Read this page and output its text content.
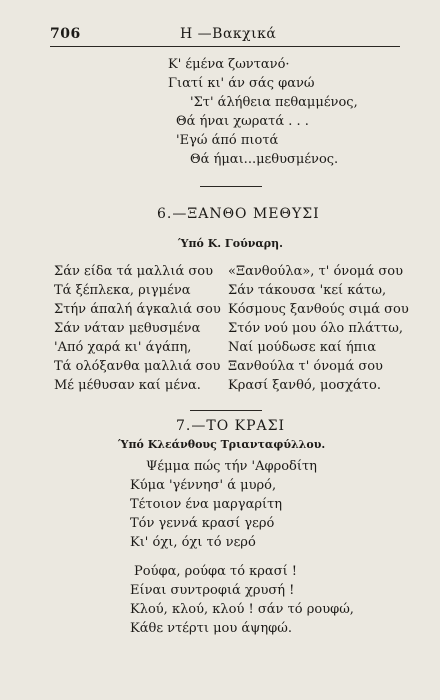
706	Η —Βακχικά
Κ' έμένα ζωντανό·
Γιατί κι' άν σάς φανώ
'Στ' άλήθεια πεθαμμένος,
Θά ήναι χωρατά . . .
'Εγώ άπό πιοτά
Θά ήμαι...μεθυσμένος.
6.—ΞΑΝΘΟ ΜΕΘΥΣΙ
Ύπό Κ. Γούναρη.
Σάν είδα τά μαλλιά σου
Τά ξέπλεκα, ριγμένα
Στήν άπαλή άγκαλιά σου
Σάν νάταν μεθυσμένα
'Από χαρά κι' άγάπη,
Τά ολόξανθα μαλλιά σου
Μέ μέθυσαν καί μένα.
«Ξανθούλα», τ' όνομά σου
Σάν τάκουσα 'κεί κάτω,
Κόσμους ξανθούς σιμά σου
Στόν νού μου όλο πλάττω,
Ναί μούδωσε καί ήπια
Ξανθούλα τ' όνομά σου
Κρασί ξανθό, μοσχάτο.
7.—ΤΟ ΚΡΑΣΙ
Ύπό Κλεάνθους Τριανταφύλλου.
Ψέμμα πώς τήν 'Αφροδίτη
Κύμα 'γέννησ' ά μυρό,
Τέτοιον ένα μαργαρίτη
Τόν γεννά κρασί γερό
Κι' όχι, όχι τό νερό
Ρούφα, ρούφα τό κρασί !
Είναι συντροφιά χρυσή !
Κλού, κλού, κλού ! σάν τό ρουφώ,
Κάθε ντέρτι μου άψηφώ.
